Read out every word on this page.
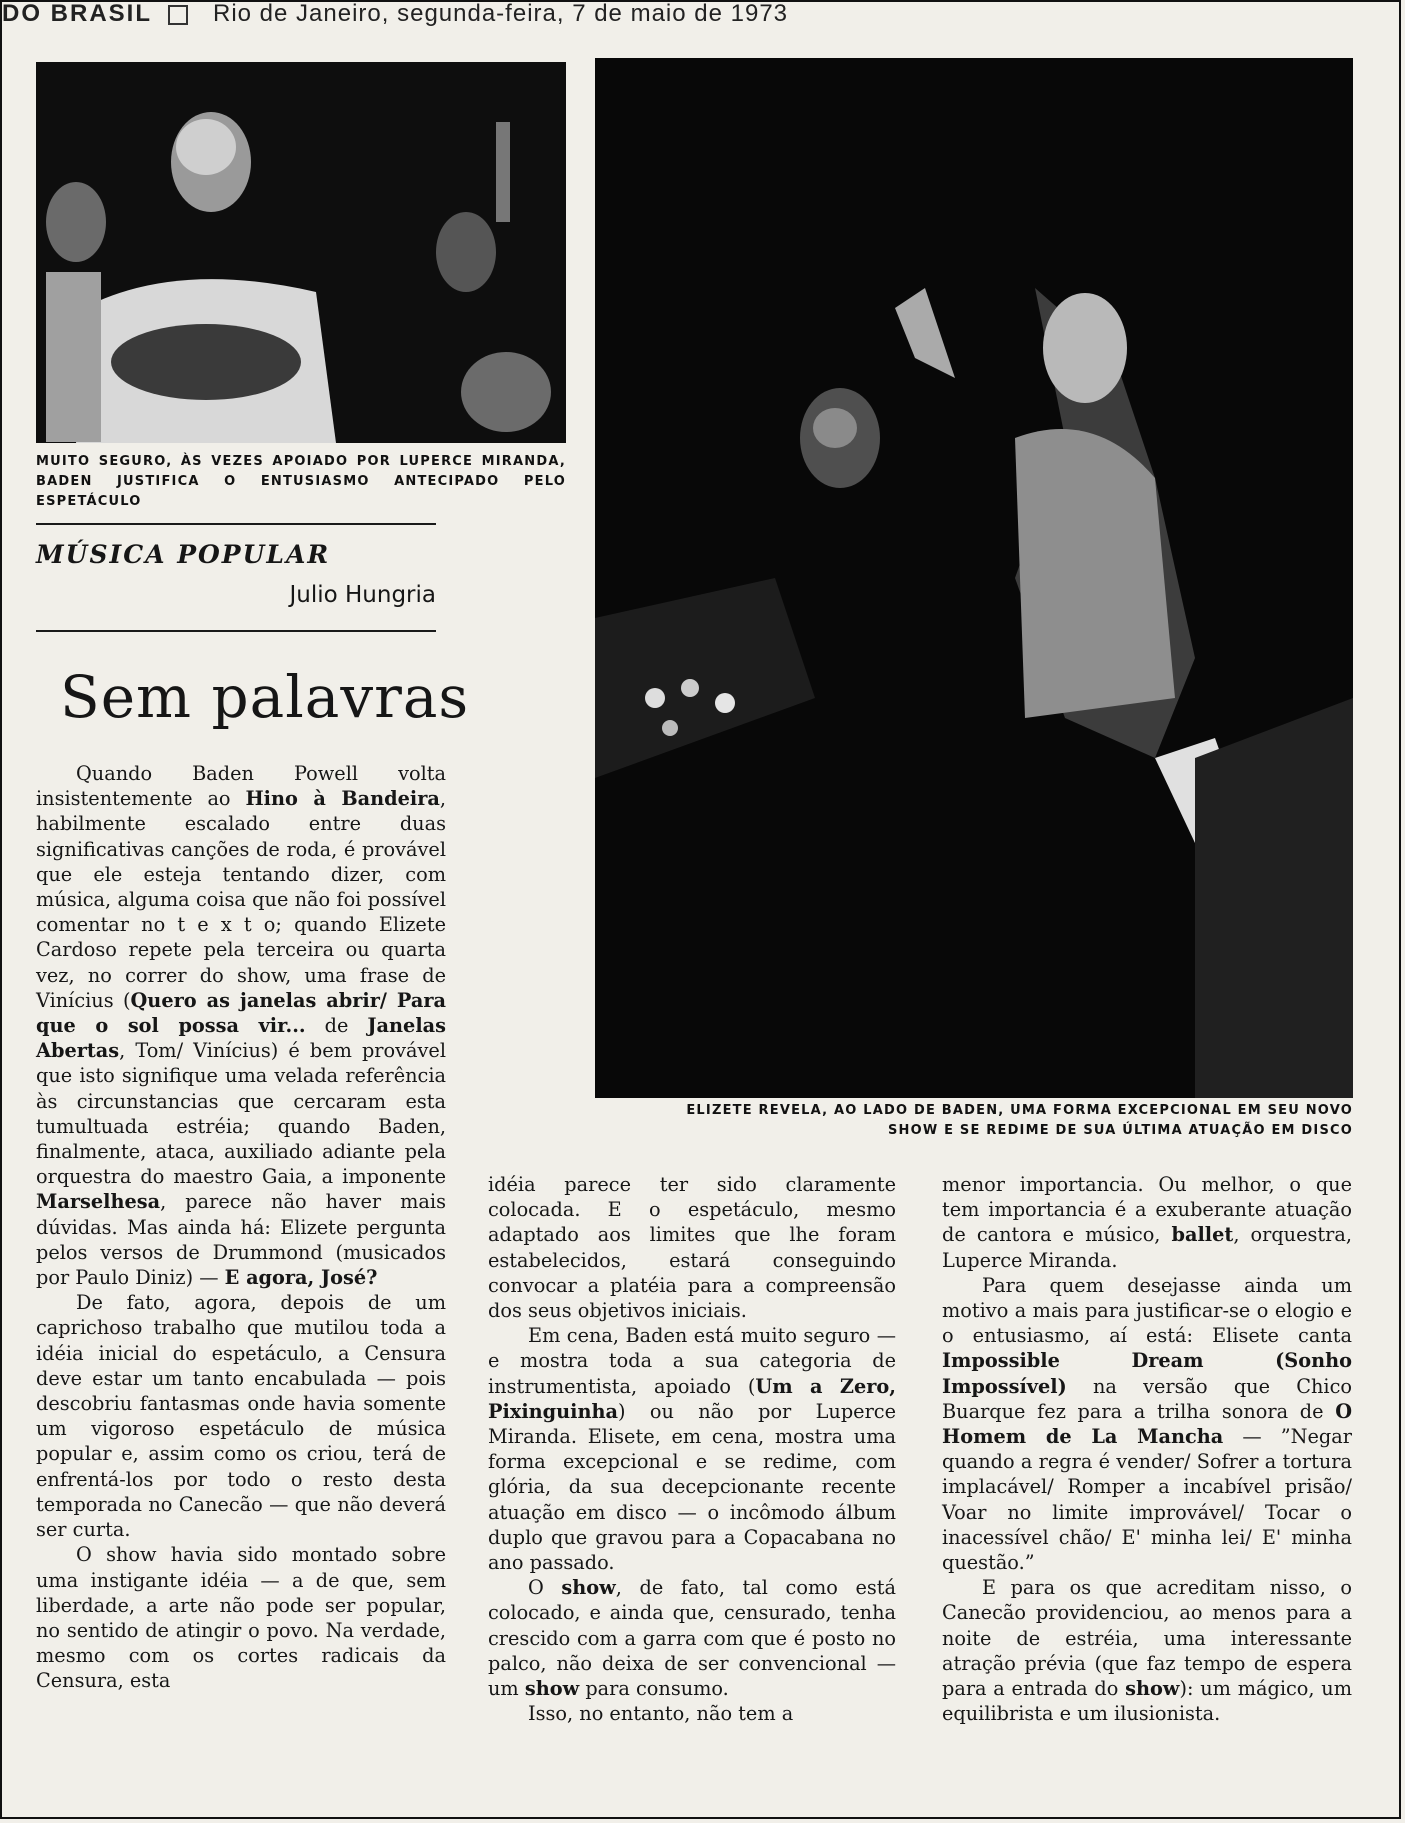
DO BRASIL	Rio de Janeiro, segunda-feira, 7 de maio de 1973
MUITO SEGURO, ÀS VEZES APOIADO POR LUPERCE MIRANDA, BADEN JUSTIFICA O ENTUSIASMO ANTECIPADO PELO ESPETÁCULO
ELIZETE REVELA, AO LADO DE BADEN, UMA FORMA EXCEPCIONAL EM SEU NOVO
SHOW E SE REDIME DE SUA ÚLTIMA ATUAÇÃO EM DISCO
MÚSICA POPULAR
Julio Hungria
Sem palavras

Quando Baden Powell volta insistentemente ao Hino à Bandeira, habilmente escalado entre duas significativas canções de roda, é provável que ele esteja tentando dizer, com música, alguma coisa que não foi possível comentar no t e x t o; quando Elizete Cardoso repete pela terceira ou quarta vez, no correr do show, uma frase de Vinícius (Quero as janelas abrir/ Para que o sol possa vir... de Janelas Abertas, Tom/ Vinícius) é bem provável que isto signifique uma velada referência às circunstancias que cercaram esta tumultuada estréia; quando Baden, finalmente, ataca, auxiliado adiante pela orquestra do maestro Gaia, a imponente Marselhesa, parece não haver mais dúvidas. Mas ainda há: Elizete pergunta pelos versos de Drummond (musicados por Paulo Diniz) — E agora, José?

De fato, agora, depois de um caprichoso trabalho que mutilou toda a idéia inicial do espetáculo, a Censura deve estar um tanto encabulada — pois descobriu fantasmas onde havia somente um vigoroso espetáculo de música popular e, assim como os criou, terá de enfrentá-los por todo o resto desta temporada no Canecão — que não deverá ser curta.

O show havia sido montado sobre uma instigante idéia — a de que, sem liberdade, a arte não pode ser popular, no sentido de atingir o povo. Na verdade, mesmo com os cortes radicais da Censura, esta

idéia parece ter sido claramente colocada. E o espetáculo, mesmo adaptado aos limites que lhe foram estabelecidos, estará conseguindo convocar a platéia para a compreensão dos seus objetivos iniciais.

Em cena, Baden está muito seguro — e mostra toda a sua categoria de instrumentista, apoiado (Um a Zero, Pixinguinha) ou não por Luperce Miranda. Elisete, em cena, mostra uma forma excepcional e se redime, com glória, da sua decepcionante recente atuação em disco — o incômodo álbum duplo que gravou para a Copacabana no ano passado.

O show, de fato, tal como está colocado, e ainda que, censurado, tenha crescido com a garra com que é posto no palco, não deixa de ser convencional — um show para consumo.

Isso, no entanto, não tem a

menor importancia. Ou melhor, o que tem importancia é a exuberante atuação de cantora e músico, ballet, orquestra, Luperce Miranda.

Para quem desejasse ainda um motivo a mais para justificar-se o elogio e o entusiasmo, aí está: Elisete canta Impossible Dream (Sonho Impossível) na versão que Chico Buarque fez para a trilha sonora de O Homem de La Mancha — ”Negar quando a regra é vender/ Sofrer a tortura implacável/ Romper a incabível prisão/ Voar no limite improvável/ Tocar o inacessível chão/ E' minha lei/ E' minha questão.”

E para os que acreditam nisso, o Canecão providenciou, ao menos para a noite de estréia, uma interessante atração prévia (que faz tempo de espera para a entrada do show): um mágico, um equilibrista e um ilusionista.
